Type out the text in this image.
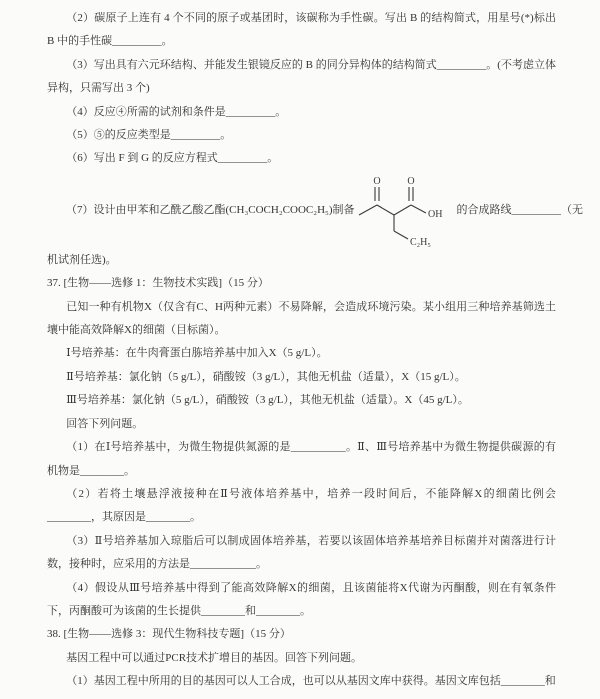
（2）碳原子上连有 4 个不同的原子或基团时，该碳称为手性碳。写出 B 的结构简式，用星号(*)标出 B 中的手性碳_________。

（3）写出具有六元环结构、并能发生银镜反应的 B 的同分异构体的结构简式_________。(不考虑立体异构，只需写出 3 个)

（4）反应④所需的试剂和条件是_________。

（5）⑤的反应类型是_________。

（6）写出 F 到 G 的反应方程式_________。

（7）设计由甲苯和乙酰乙酸乙酯(CH₃COCH₂COOC₂H₅)制备
O	O
OH
C₂H₅
的合成路线_________（无

机试剂任选)。

37. [生物——选修 1：生物技术实践]（15 分）

已知一种有机物X（仅含有C、H两种元素）不易降解，会造成环境污染。某小组用三种培养基筛选土壤中能高效降解X的细菌（目标菌）。

Ⅰ号培养基：在牛肉膏蛋白胨培养基中加入X（5 g/L）。

Ⅱ号培养基：氯化钠（5 g/L），硝酸铵（3 g/L），其他无机盐（适量），X（15 g/L）。

Ⅲ号培养基：氯化钠（5 g/L），硝酸铵（3 g/L），其他无机盐（适量）。X（45 g/L）。

回答下列问题。

（1）在Ⅰ号培养基中，为微生物提供氮源的是__________。Ⅱ、Ⅲ号培养基中为微生物提供碳源的有机物是________。

（2）若将土壤悬浮液接种在Ⅱ号液体培养基中，培养一段时间后，不能降解X的细菌比例会________，其原因是________。

（3）Ⅱ号培养基加入琼脂后可以制成固体培养基，若要以该固体培养基培养目标菌并对菌落进行计数，接种时，应采用的方法是____________。

（4）假设从Ⅲ号培养基中得到了能高效降解X的细菌，且该菌能将X代谢为丙酮酸，则在有氧条件下，丙酮酸可为该菌的生长提供________和________。

38. [生物——选修 3：现代生物科技专题]（15 分）

基因工程中可以通过PCR技术扩增目的基因。回答下列问题。

（1）基因工程中所用的目的基因可以人工合成，也可以从基因文库中获得。基因文库包括________和
